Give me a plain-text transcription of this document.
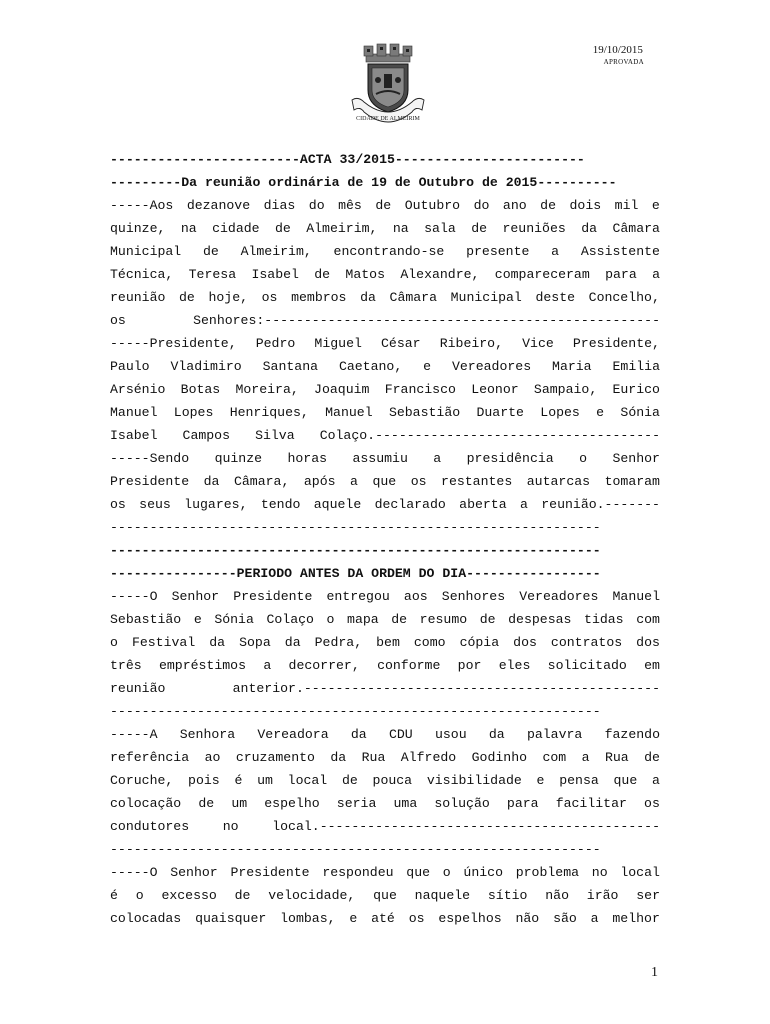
19/10/2015
APROVADA
CIDADE DE ALMEIRIM
------------------------ACTA 33/2015------------------------
---------Da reunião ordinária de 19 de Outubro de 2015----------
-----Aos dezanove dias do mês de Outubro do ano de dois mil e
quinze, na cidade de Almeirim, na sala de reuniões da Câmara
Municipal de Almeirim, encontrando-se presente a Assistente
Técnica, Teresa Isabel de Matos Alexandre, compareceram para a
reunião de hoje, os membros da Câmara Municipal deste Concelho,
os	Senhores:--------------------------------------------------
-----Presidente, Pedro Miguel César Ribeiro, Vice Presidente,
Paulo Vladimiro Santana Caetano, e Vereadores Maria Emilia
Arsénio Botas Moreira, Joaquim Francisco Leonor Sampaio, Eurico
Manuel Lopes Henriques, Manuel Sebastião Duarte Lopes e Sónia
Isabel Campos Silva Colaço.------------------------------------
-----Sendo quinze horas assumiu a presidência o Senhor
Presidente da Câmara, após a que os restantes autarcas tomaram
os seus lugares, tendo aquele declarado aberta a reunião.-------
--------------------------------------------------------------
--------------------------------------------------------------
----------------PERIODO ANTES DA ORDEM DO DIA-----------------
-----O Senhor Presidente entregou aos Senhores Vereadores Manuel
Sebastião e Sónia Colaço o mapa de resumo de despesas tidas com
o Festival da Sopa da Pedra, bem como cópia dos contratos dos
três empréstimos a decorrer, conforme por eles solicitado em
reunião	anterior.---------------------------------------------
--------------------------------------------------------------
-----A Senhora Vereadora da CDU usou da palavra fazendo
referência ao cruzamento da Rua Alfredo Godinho com a Rua de
Coruche, pois é um local de pouca visibilidade e pensa que a
colocação de um espelho seria uma solução para facilitar os
condutores	no	local.-------------------------------------------
--------------------------------------------------------------
-----O Senhor Presidente respondeu que o único problema no local
é o excesso de velocidade, que naquele sítio não irão ser
colocadas quaisquer lombas, e até os espelhos não são a melhor
1
